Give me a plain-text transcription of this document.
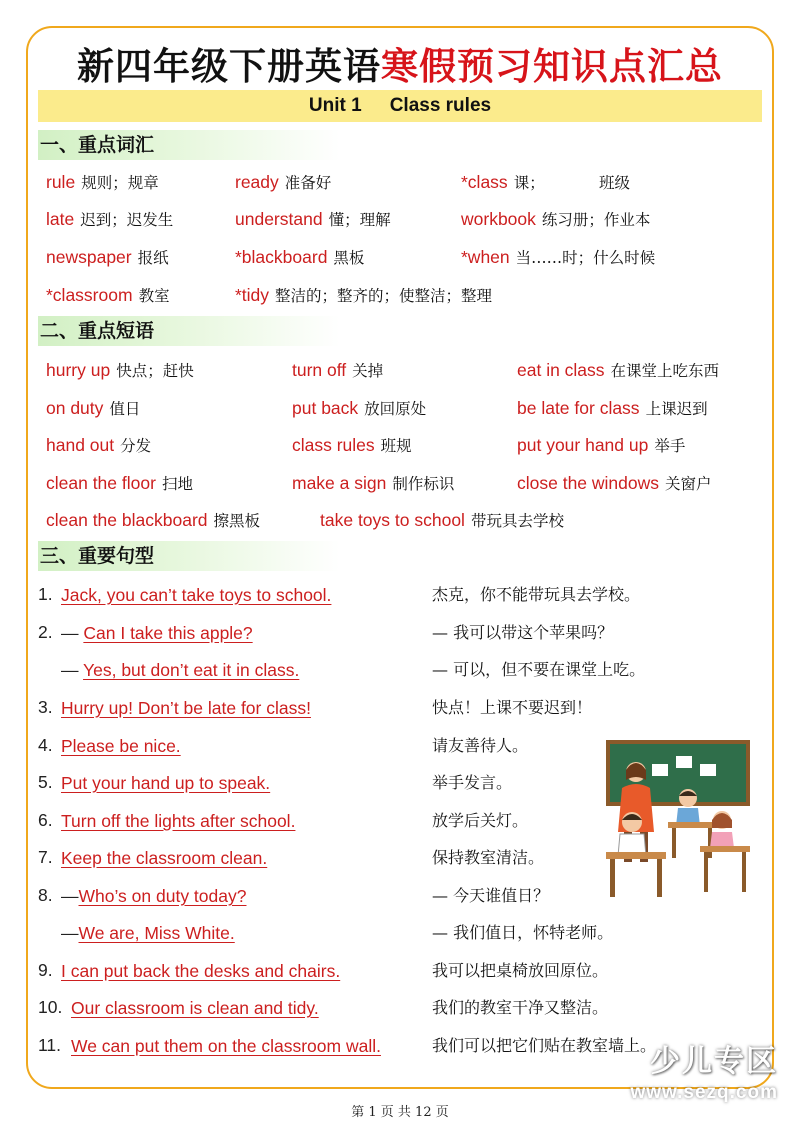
新四年级下册英语寒假预习知识点汇总
Unit 1 Class rules
一、重点词汇
rule 规则；规章	ready 准备好	*class 课；　　　　班级
late 迟到；迟发生	understand 懂；理解	workbook 练习册；作业本
newspaper 报纸	*blackboard 黑板	*when 当……时；什么时候
*classroom 教室	*tidy 整洁的；整齐的；使整洁；整理
二、重点短语
hurry up 快点；赶快	turn off 关掉	eat in class 在课堂上吃东西
on duty 值日	put back 放回原处	be late for class 上课迟到
hand out 分发	class rules 班规	put your hand up 举手
clean the floor 扫地	make a sign 制作标识	close the windows 关窗户
clean the blackboard 擦黑板	take toys to school 带玩具去学校
三、重要句型
1. Jack, you can’t take toys to school.	杰克，你不能带玩具去学校。
2. — Can I take this apple?	— 我可以带这个苹果吗？
— Yes, but don’t eat it in class.	— 可以，但不要在课堂上吃。
3. Hurry up! Don’t be late for class!	快点！上课不要迟到！
4. Please be nice.	请友善待人。
5. Put your hand up to speak.	举手发言。
6. Turn off the lights after school.	放学后关灯。
7. Keep the classroom clean.	保持教室清洁。
8. —Who’s on duty today?	— 今天谁值日？
—We are, Miss White.	— 我们值日，怀特老师。
9. I can put back the desks and chairs.	我可以把桌椅放回原位。
10. Our classroom is clean and tidy.	我们的教室干净又整洁。
11. We can put them on the classroom wall.	我们可以把它们贴在教室墙上。
第 1 页 共 12 页
少儿专区
www.sezq.com
